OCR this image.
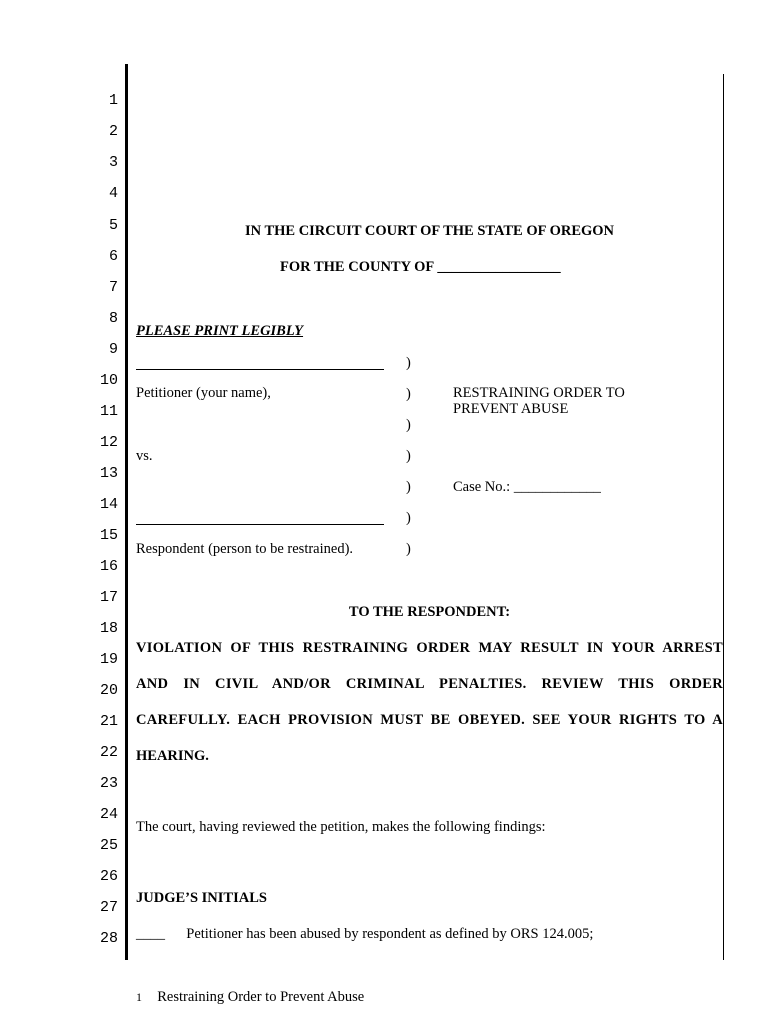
1
2
3
4
5
6
7
8
9
10
11
12
13
14
15
16
17
18
19
20
21
22
23
24
25
26
27
28
IN THE CIRCUIT COURT OF THE STATE OF OREGON
FOR THE COUNTY OF _________________
PLEASE PRINT LEGIBLY
Petitioner (your name),
vs.
Respondent (person to be restrained).
)
)
)
)
)
)
)
RESTRAINING ORDER TO
PREVENT ABUSE
Case No.: ____________
TO THE RESPONDENT:
VIOLATION OF THIS RESTRAINING ORDER MAY RESULT IN YOUR ARREST
AND IN CIVIL AND/OR CRIMINAL PENALTIES. REVIEW THIS ORDER
CAREFULLY. EACH PROVISION MUST BE OBEYED. SEE YOUR RIGHTS TO A
HEARING.
The court, having reviewed the petition, makes the following findings:
JUDGE’S INITIALS
____ Petitioner has been abused by respondent as defined by ORS 124.005;
1 Restraining Order to Prevent Abuse
